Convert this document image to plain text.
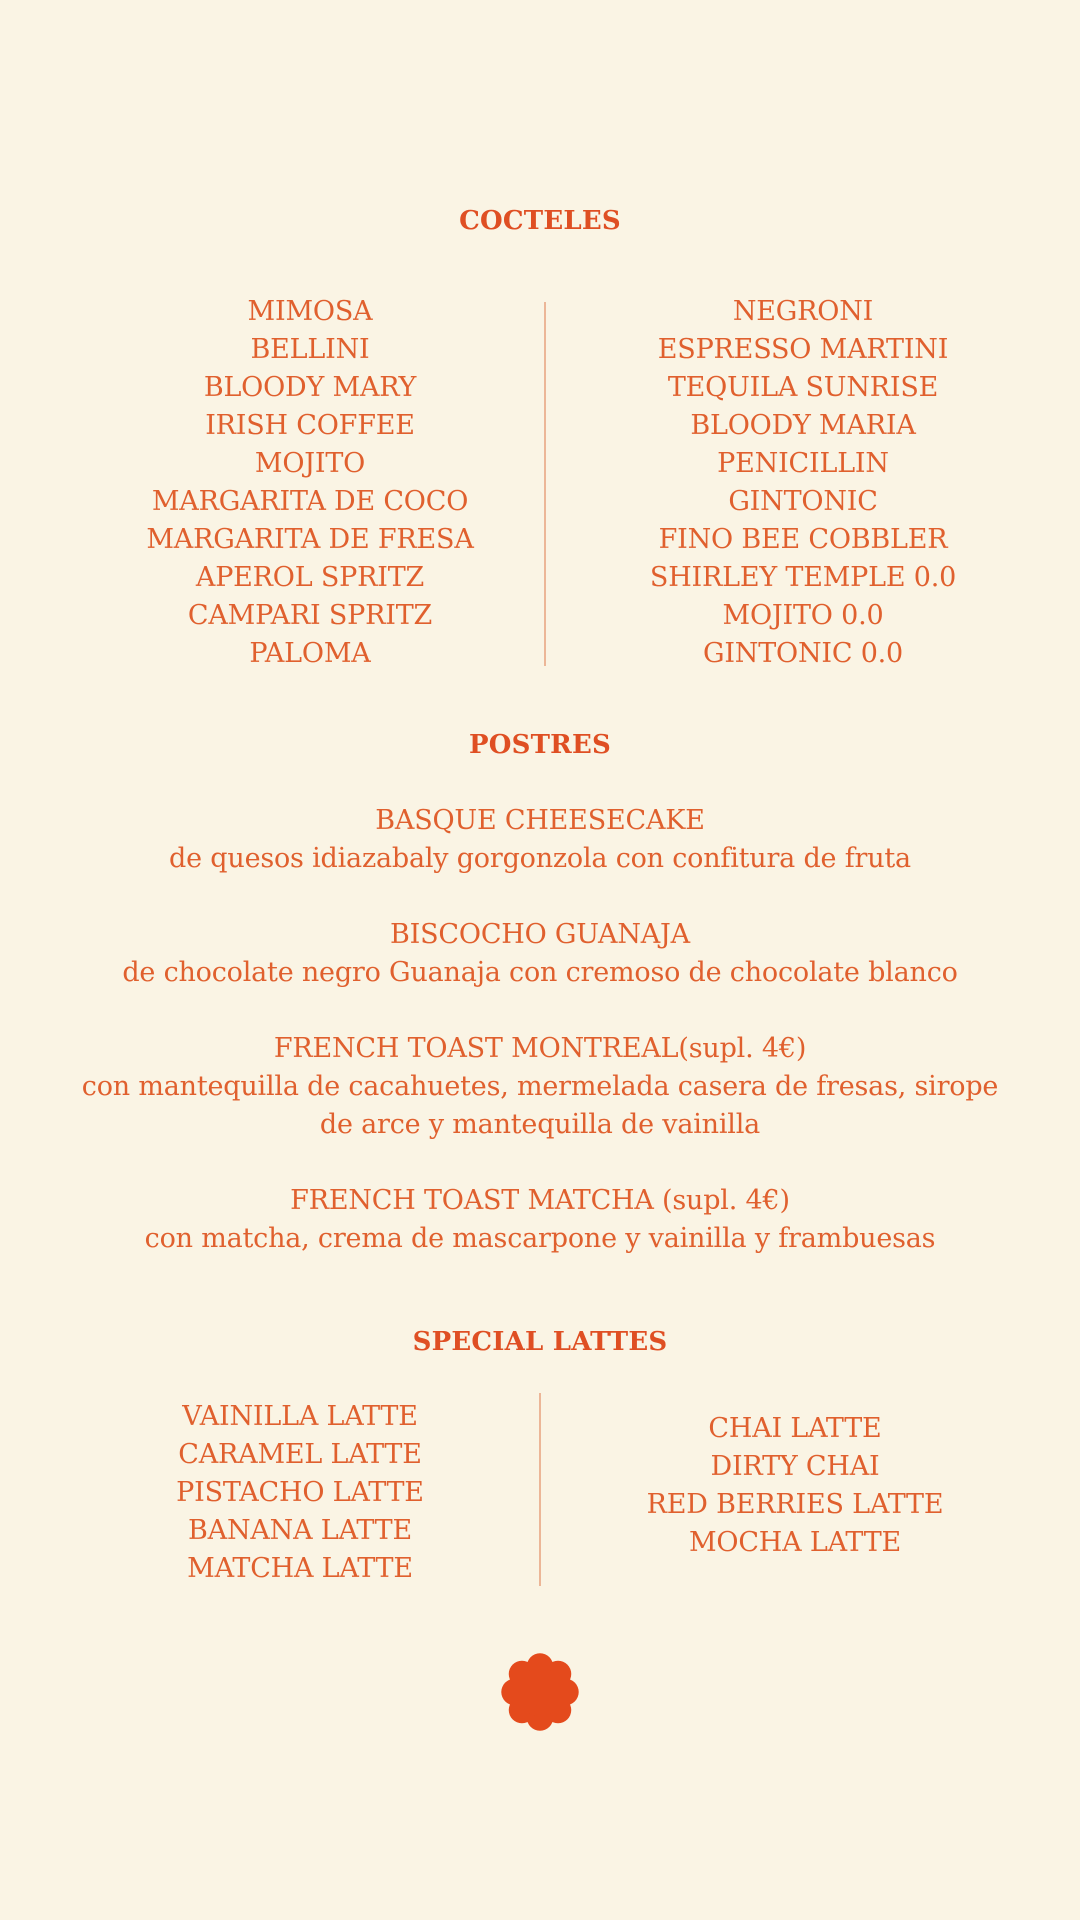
COCTELES
MIMOSA
BELLINI
BLOODY MARY
IRISH COFFEE
MOJITO
MARGARITA DE COCO
MARGARITA DE FRESA
APEROL SPRITZ
CAMPARI SPRITZ
PALOMA
NEGRONI
ESPRESSO MARTINI
TEQUILA SUNRISE
BLOODY MARIA
PENICILLIN
GINTONIC
FINO BEE COBBLER
SHIRLEY TEMPLE 0.0
MOJITO 0.0
GINTONIC 0.0
POSTRES
BASQUE CHEESECAKE
de quesos idiazabaly gorgonzola con confitura de fruta
BISCOCHO GUANAJA
de chocolate negro Guanaja con cremoso de chocolate blanco
FRENCH TOAST MONTREAL(supl. 4€)
con mantequilla de cacahuetes, mermelada casera de fresas, sirope
de arce y mantequilla de vainilla
FRENCH TOAST MATCHA (supl. 4€)
con matcha, crema de mascarpone y vainilla y frambuesas
SPECIAL LATTES
VAINILLA LATTE
CARAMEL LATTE
PISTACHO LATTE
BANANA LATTE
MATCHA LATTE
CHAI LATTE
DIRTY CHAI
RED BERRIES LATTE
MOCHA LATTE
